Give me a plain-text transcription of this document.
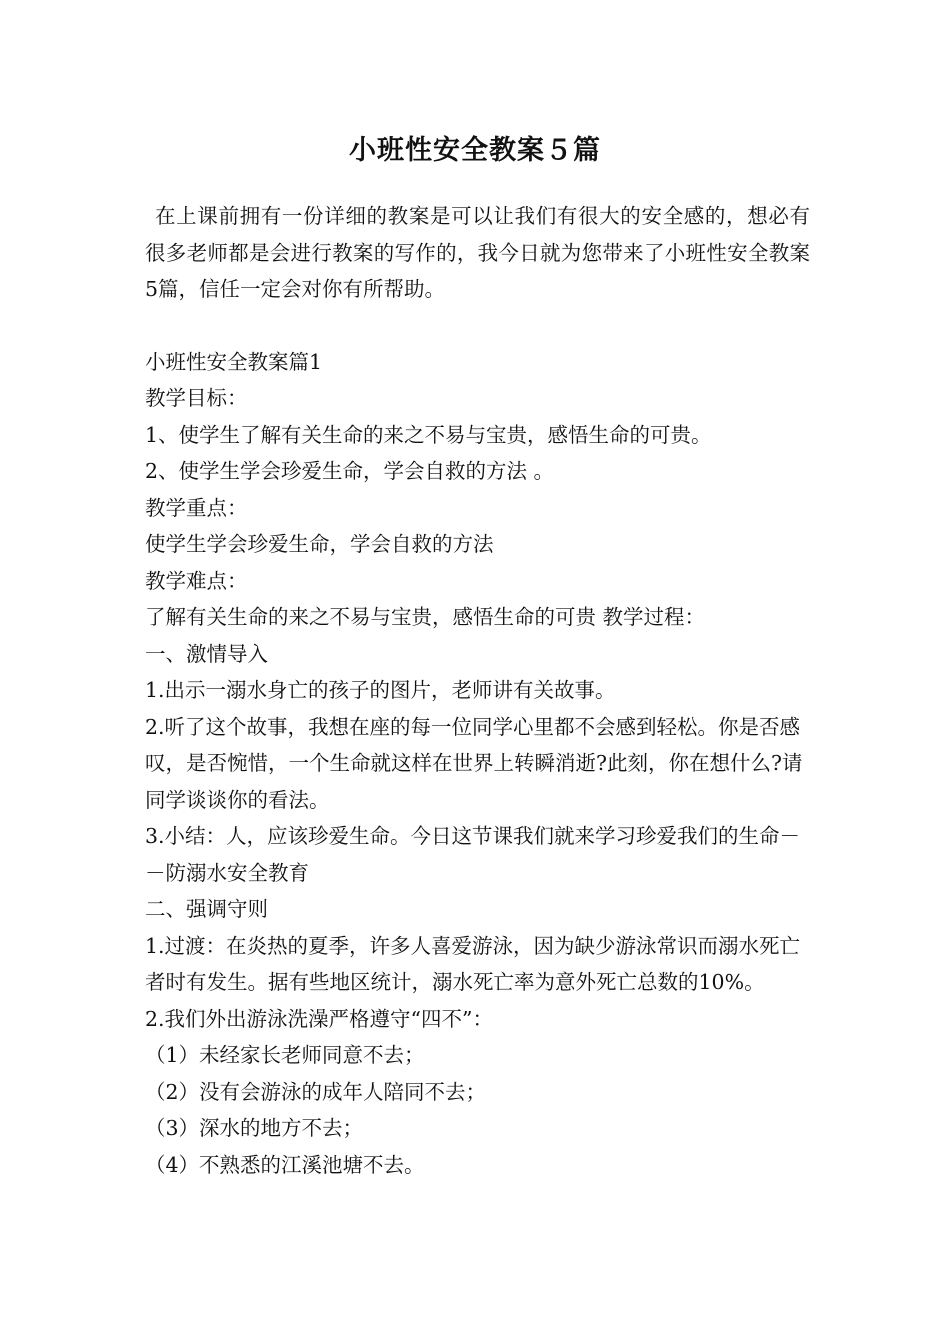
小班性安全教案５篇

在上课前拥有一份详细的教案是可以让我们有很大的安全感的，想必有很多老师都是会进行教案的写作的，我今日就为您带来了小班性安全教案5篇，信任一定会对你有所帮助。

小班性安全教案篇1

教学目标：

1、使学生了解有关生命的来之不易与宝贵，感悟生命的可贵。

2、使学生学会珍爱生命，学会自救的方法 。

教学重点：

使学生学会珍爱生命，学会自救的方法

教学难点：

了解有关生命的来之不易与宝贵，感悟生命的可贵 教学过程：

一、激情导入

1.出示一溺水身亡的孩子的图片，老师讲有关故事。

2.听了这个故事，我想在座的每一位同学心里都不会感到轻松。你是否感叹，是否惋惜，一个生命就这样在世界上转瞬消逝?此刻，你在想什么?请同学谈谈你的看法。

3.小结：人，应该珍爱生命。今日这节课我们就来学习珍爱我们的生命－－防溺水安全教育

二、强调守则

1.过渡：在炎热的夏季，许多人喜爱游泳，因为缺少游泳常识而溺水死亡者时有发生。据有些地区统计，溺水死亡率为意外死亡总数的10%。

2.我们外出游泳洗澡严格遵守“四不”：

（1）未经家长老师同意不去；

（2）没有会游泳的成年人陪同不去；

（3）深水的地方不去；

（4）不熟悉的江溪池塘不去。
